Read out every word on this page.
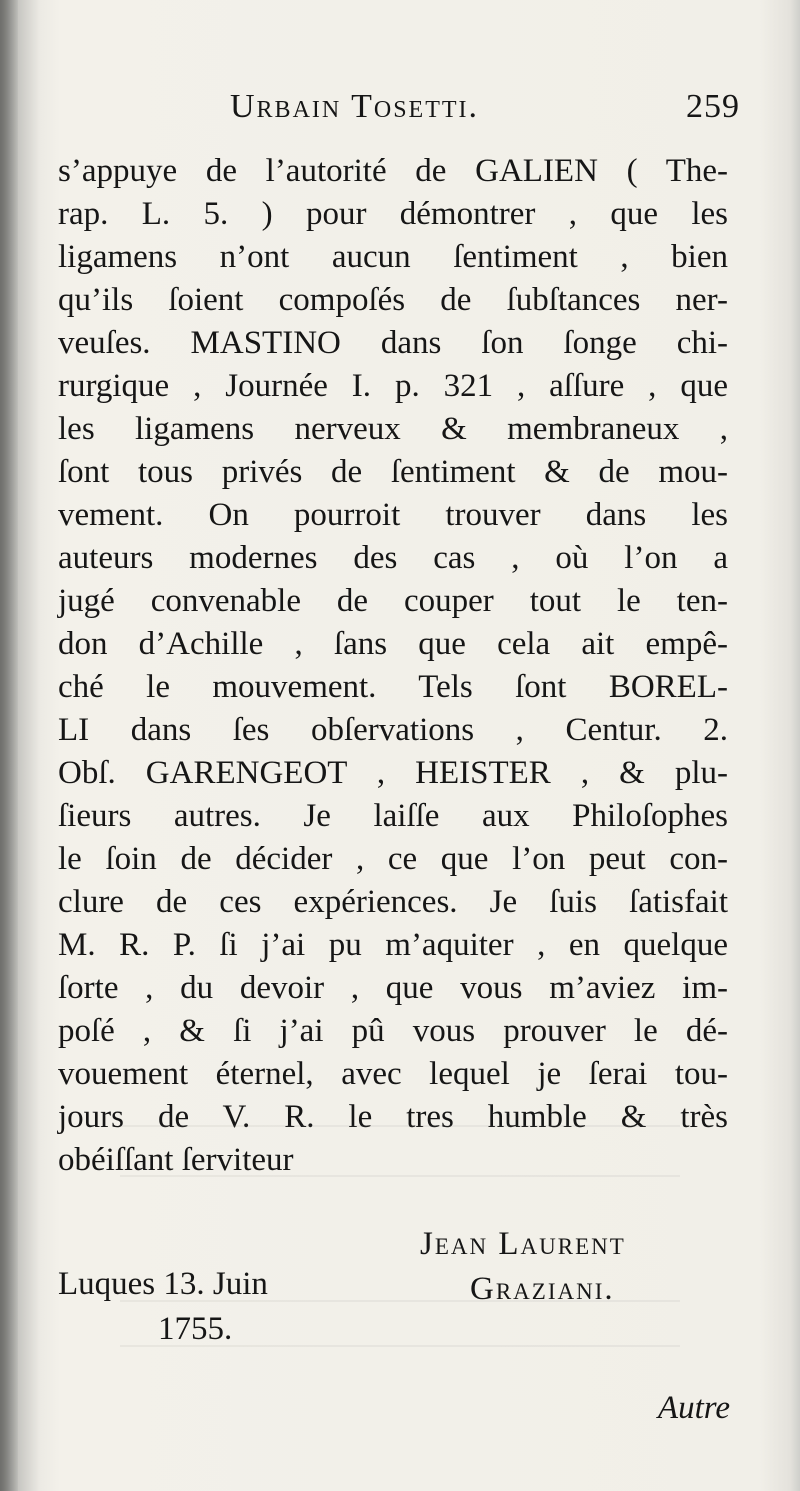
Urbain Tosetti.	259
s’appuye de l’autorité de GALIEN ( The-
rap. L. 5. ) pour démontrer , que les
ligamens n’ont aucun ſentiment , bien
qu’ils ſoient compoſés de ſubſtances ner-
veuſes. MASTINO dans ſon ſonge chi-
rurgique , Journée I. p. 321 , aſſure , que
les ligamens nerveux & membraneux ,
ſont tous privés de ſentiment & de mou-
vement. On pourroit trouver dans les
auteurs modernes des cas , où l’on a
jugé convenable de couper tout le ten-
don d’Achille , ſans que cela ait empê-
ché le mouvement. Tels ſont BOREL-
LI dans ſes obſervations , Centur. 2.
Obſ. GARENGEOT , HEISTER , & plu-
ſieurs autres. Je laiſſe aux Philoſophes
le ſoin de décider , ce que l’on peut con-
clure de ces expériences. Je ſuis ſatisfait
M. R. P. ſi j’ai pu m’aquiter , en quelque
ſorte , du devoir , que vous m’aviez im-
poſé , & ſi j’ai pû vous prouver le dé-
vouement éternel, avec lequel je ſerai tou-
jours de V. R. le tres humble & très
obéiſſant ſerviteur
Jean Laurent
Graziani.
Luques 13. Juin
1755.
Autre
